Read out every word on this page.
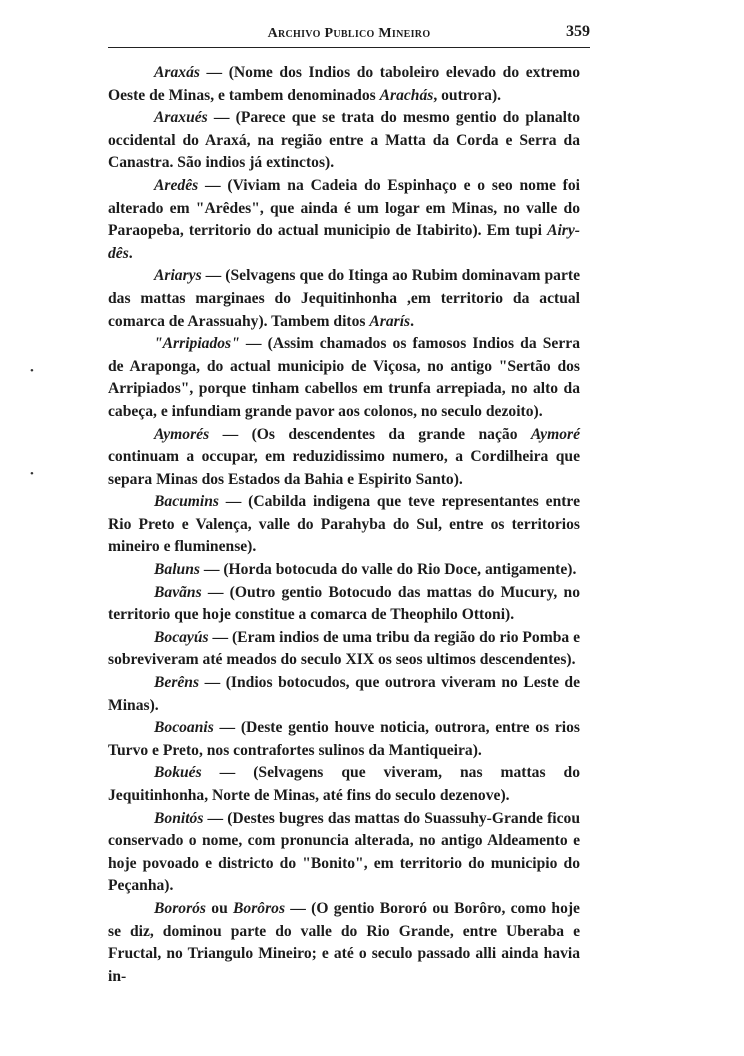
Archivo Publico Mineiro	359
•
•

Araxás — (Nome dos Indios do taboleiro elevado do extremo Oeste de Minas, e tambem denominados Arachás, outrora).

Araxués — (Parece que se trata do mesmo gentio do planalto occidental do Araxá, na região entre a Matta da Corda e Serra da Canastra. São indios já extinctos).

Aredês — (Viviam na Cadeia do Espinhaço e o seo nome foi alterado em "Arêdes", que ainda é um logar em Minas, no valle do Paraopeba, territorio do actual municipio de Itabirito). Em tupi Airy-dês.

Ariarys — (Selvagens que do Itinga ao Rubim dominavam parte das mattas marginaes do Jequitinhonha ,em territorio da actual comarca de Arassuahy). Tambem ditos Ararís.

"Arripiados" — (Assim chamados os famosos Indios da Serra de Araponga, do actual municipio de Viçosa, no antigo "Sertão dos Arripiados", porque tinham cabellos em trunfa arrepiada, no alto da cabeça, e infundiam grande pavor aos colonos, no seculo dezoito).

Aymorés — (Os descendentes da grande nação Aymoré continuam a occupar, em reduzidissimo numero, a Cordilheira que separa Minas dos Estados da Bahia e Espirito Santo).

Bacumins — (Cabilda indigena que teve representantes entre Rio Preto e Valença, valle do Parahyba do Sul, entre os territorios mineiro e fluminense).

Baluns — (Horda botocuda do valle do Rio Doce, antigamente).

Bavãns — (Outro gentio Botocudo das mattas do Mucury, no territorio que hoje constitue a comarca de Theophilo Ottoni).

Bocayús — (Eram indios de uma tribu da região do rio Pomba e sobreviveram até meados do seculo XIX os seos ultimos descendentes).

Berêns — (Indios botocudos, que outrora viveram no Leste de Minas).

Bocoanis — (Deste gentio houve noticia, outrora, entre os rios Turvo e Preto, nos contrafortes sulinos da Mantiqueira).

Bokués — (Selvagens que viveram, nas mattas do Jequitinhonha, Norte de Minas, até fins do seculo dezenove).

Bonitós — (Destes bugres das mattas do Suassuhy-Grande ficou conservado o nome, com pronuncia alterada, no antigo Aldeamento e hoje povoado e districto do "Bonito", em territorio do municipio do Peçanha).

Bororós ou Borôros — (O gentio Bororó ou Borôro, como hoje se diz, dominou parte do valle do Rio Grande, entre Uberaba e Fructal, no Triangulo Mineiro; e até o seculo passado alli ainda havia in-
